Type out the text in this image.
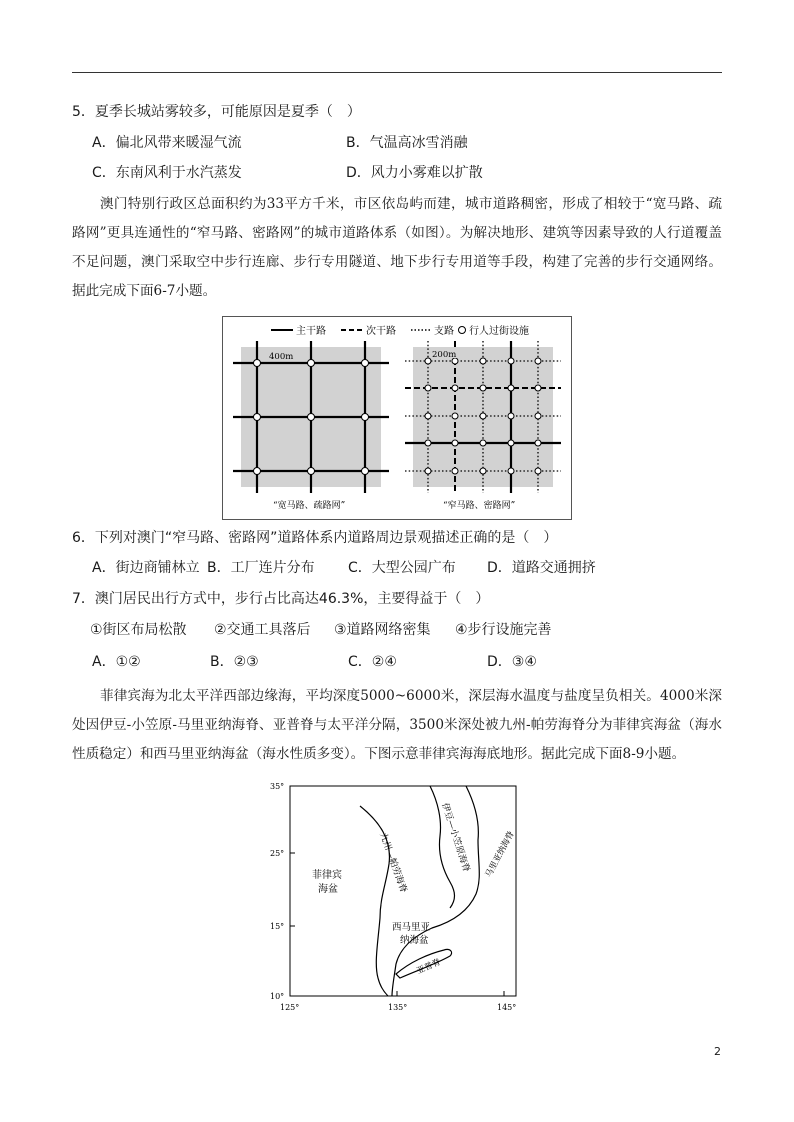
5．夏季长城站雾较多，可能原因是夏季（　）
A．偏北风带来暖湿气流	B．气温高冰雪消融
C．东南风利于水汽蒸发	D．风力小雾难以扩散
澳门特别行政区总面积约为33平方千米，市区依岛屿而建，城市道路稠密，形成了相较于“宽马路、疏路网”更具连通性的“窄马路、密路网”的城市道路体系（如图）。为解决地形、建筑等因素导致的人行道覆盖不足问题，澳门采取空中步行连廊、步行专用隧道、地下步行专用道等手段，构建了完善的步行交通网络。据此完成下面6-7小题。
主干路	次干路	支路 行人过街设施
400m
“宽马路、疏路网”
200m
“窄马路、密路网”
6．下列对澳门“窄马路、密路网”道路体系内道路周边景观描述正确的是（　）
A．街边商铺林立 B．工厂连片分布 C．大型公园广布 D．道路交通拥挤
7．澳门居民出行方式中，步行占比高达46.3%，主要得益于（　）
①街区布局松散 ②交通工具落后 ③道路网络密集 ④步行设施完善
A．①②	B．②③	C．②④	D．③④
菲律宾海为北太平洋西部边缘海，平均深度5000~6000米，深层海水温度与盐度呈负相关。4000米深处因伊豆-小笠原-马里亚纳海脊、亚普脊与太平洋分隔，3500米深处被九州-帕劳海脊分为菲律宾海盆（海水性质稳定）和西马里亚纳海盆（海水性质多变）。下图示意菲律宾海海底地形。据此完成下面8-9小题。
35°
25°
15°
10°
125°	135°	145°
菲律宾
海盆
西马里亚
纳海盆
九州—帕劳海脊	伊豆—小笠原海脊 马里亚纳海脊
亚普脊
2
